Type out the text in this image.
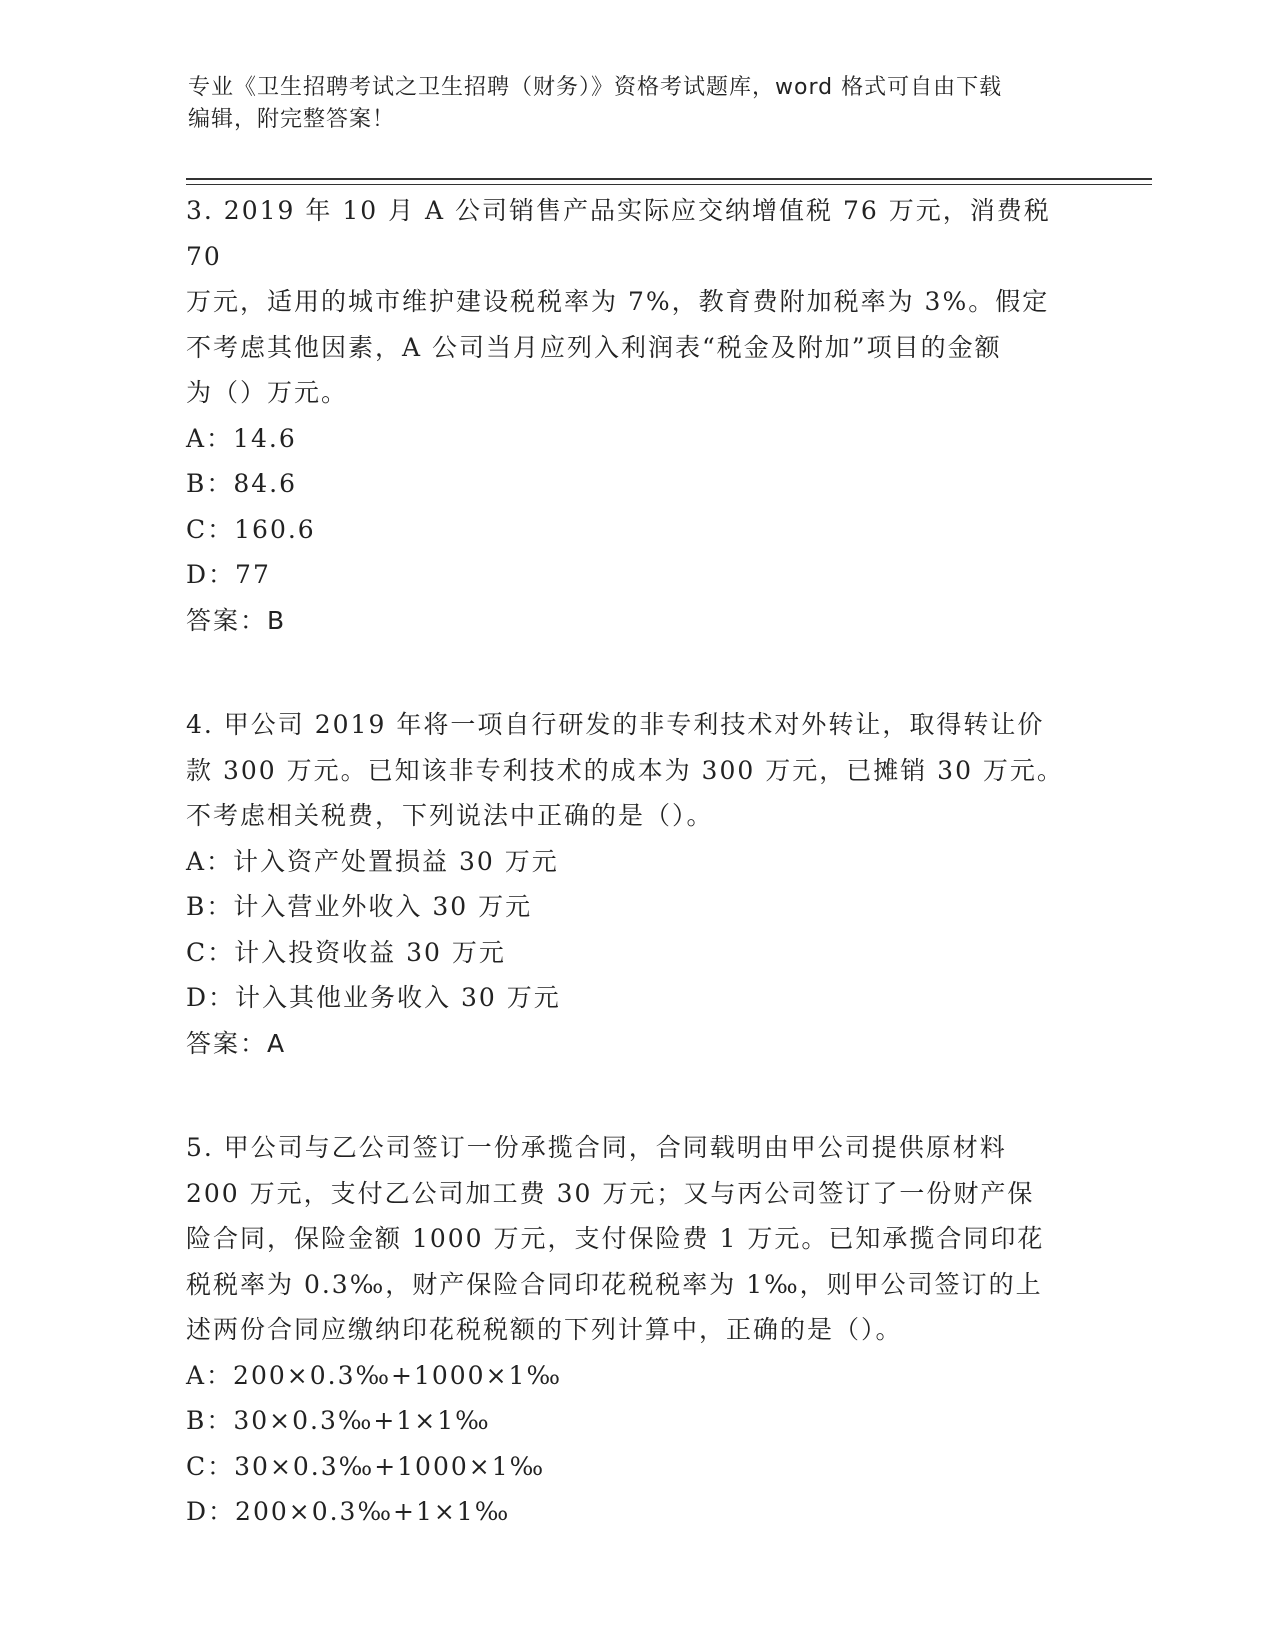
专业《卫生招聘考试之卫生招聘（财务）》资格考试题库，word 格式可自由下载
编辑，附完整答案！
3. 2019 年 10 月 A 公司销售产品实际应交纳增值税 76 万元，消费税 70
万元，适用的城市维护建设税税率为 7%，教育费附加税率为 3%。假定
不考虑其他因素，A 公司当月应列入利润表“税金及附加”项目的金额
为（）万元。
A：14.6
B：84.6
C：160.6
D：77
答案：B
4. 甲公司 2019 年将一项自行研发的非专利技术对外转让，取得转让价
款 300 万元。已知该非专利技术的成本为 300 万元，已摊销 30 万元。
不考虑相关税费，下列说法中正确的是（）。
A：计入资产处置损益 30 万元
B：计入营业外收入 30 万元
C：计入投资收益 30 万元
D：计入其他业务收入 30 万元
答案：A
5. 甲公司与乙公司签订一份承揽合同，合同载明由甲公司提供原材料
200 万元，支付乙公司加工费 30 万元；又与丙公司签订了一份财产保
险合同，保险金额 1000 万元，支付保险费 1 万元。已知承揽合同印花
税税率为 0.3‰，财产保险合同印花税税率为 1‰，则甲公司签订的上
述两份合同应缴纳印花税税额的下列计算中，正确的是（）。
A：200×0.3‰+1000×1‰
B：30×0.3‰+1×1‰
C：30×0.3‰+1000×1‰
D：200×0.3‰+1×1‰
